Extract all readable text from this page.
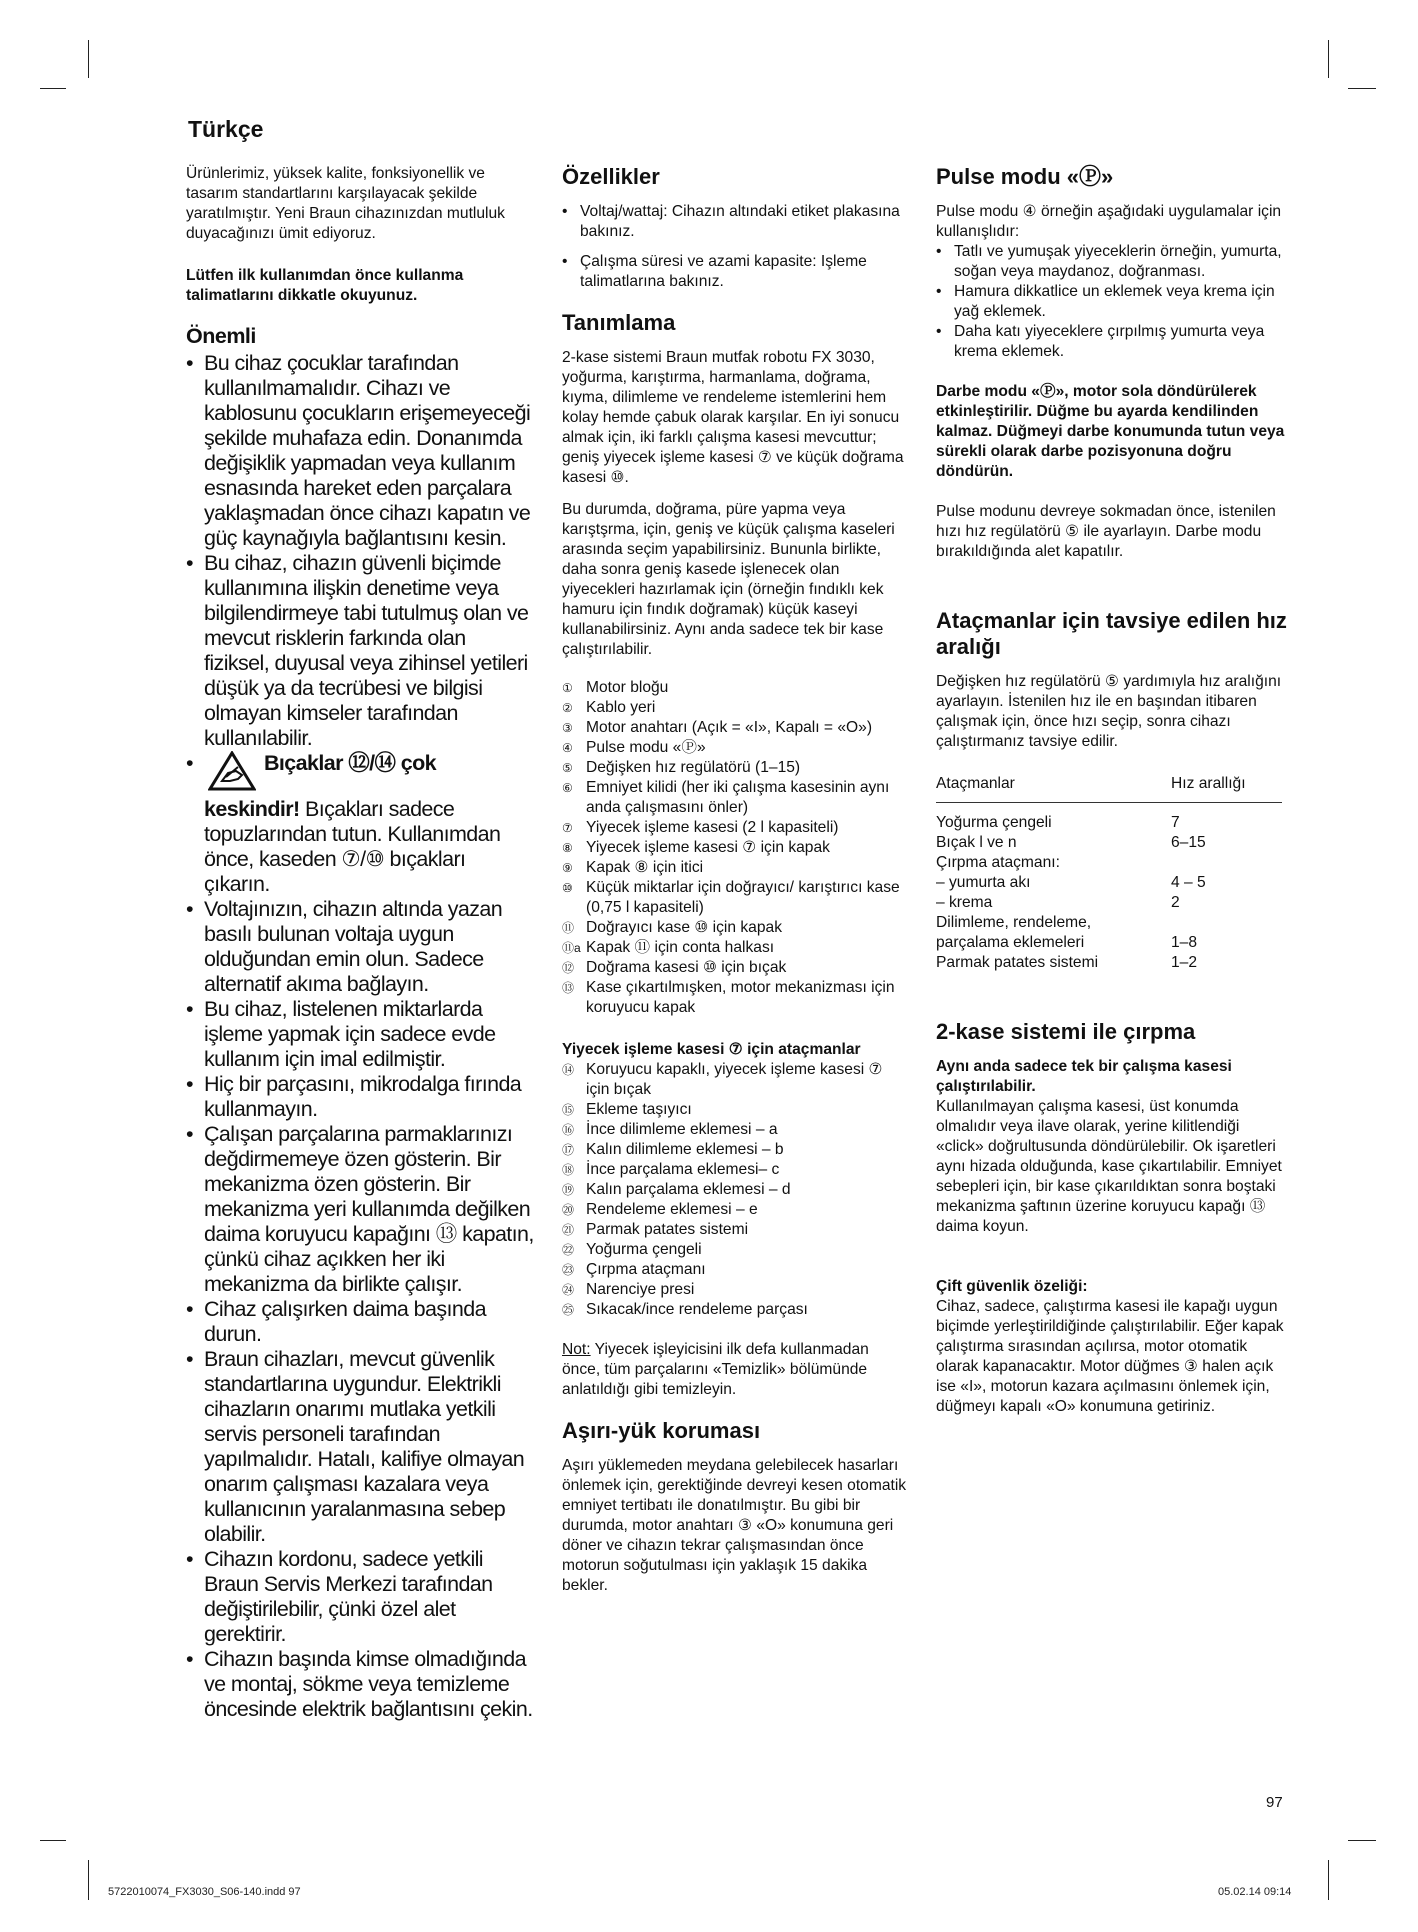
Türkçe

Ürünlerimiz, yüksek kalite, fonksiyonellik ve tasarım standartlarını karşılayacak şekilde yaratılmıştır. Yeni Braun cihazınızdan mutluluk duyacağınızı ümit ediyoruz.

Lütfen ilk kullanımdan önce kullanma talimatlarını dikkatle okuyunuz.

Önemli
• Bu cihaz çocuklar tarafından kullanılmamalıdır. Cihazı ve kablosunu çocukların erişemeyeceği şekilde muhafaza edin. Donanımda değişiklik yapmadan veya kullanım esnasında hareket eden parçalara yaklaşmadan önce cihazı kapatın ve güç kaynağıyla bağlantısını kesin.
• Bu cihaz, cihazın güvenli biçimde kullanımına ilişkin denetime veya bilgilendirmeye tabi tutulmuş olan ve mevcut risklerin farkında olan fiziksel, duyusal veya zihinsel yetileri düşük ya da tecrübesi ve bilgisi olmayan kimseler tarafından kullanılabilir.
• Bıçaklar ⑫/⑭ çok keskindir! Bıçakları sadece topuzlarından tutun. Kullanımdan önce, kaseden ⑦/⑩ bıçakları çıkarın.
• Voltajınızın, cihazın altında yazan basılı bulunan voltaja uygun olduğundan emin olun. Sadece alternatif akıma bağlayın.
• Bu cihaz, listelenen miktarlarda işleme yapmak için sadece evde kullanım için imal edilmiştir.
• Hiç bir parçasını, mikrodalga fırında kullanmayın.
• Çalışan parçalarına parmaklarınızı değdirmemeye özen gösterin. Bir mekanizma özen gösterin. Bir mekanizma yeri kullanımda değilken daima koruyucu kapağını ⑬ kapatın, çünkü cihaz açıkken her iki mekanizma da birlikte çalışır.
• Cihaz çalışırken daima başında durun.
• Braun cihazları, mevcut güvenlik standartlarına uygundur. Elektrikli cihazların onarımı mutlaka yetkili servis personeli tarafından yapılmalıdır. Hatalı, kalifiye olmayan onarım çalışması kazalara veya kullanıcının yaralanmasına sebep olabilir.
• Cihazın kordonu, sadece yetkili Braun Servis Merkezi tarafından değiştirilebilir, çünki özel alet gerektirir.
• Cihazın başında kimse olmadığında ve montaj, sökme veya temizleme öncesinde elektrik bağlantısını çekin.
Özellikler
• Voltaj/wattaj: Cihazın altındaki etiket plakasına bakınız.
• Çalışma süresi ve azami kapasite: Işleme talimatlarına bakınız.
Tanımlama

2-kase sistemi Braun mutfak robotu FX 3030, yoğurma, karıştırma, harmanlama, doğrama, kıyma, dilimleme ve rendeleme istemlerini hem kolay hemde çabuk olarak karşılar. En iyi sonucu almak için, iki farklı çalışma kasesi mevcuttur; geniş yiyecek işleme kasesi ⑦ ve küçük doğrama kasesi ⑩.

Bu durumda, doğrama, püre yapma veya karıştşrma, için, geniş ve küçük çalışma kaseleri arasında seçim yapabilirsiniz. Bununla birlikte, daha sonra geniş kasede işlenecek olan yiyecekleri hazırlamak için (örneğin fındıklı kek hamuru için fındık doğramak) küçük kaseyi kullanabilirsiniz. Aynı anda sadece tek bir kase çalıştırılabilir.

① Motor bloğu
② Kablo yeri
③ Motor anahtarı (Açık = «I», Kapalı = «O»)
④ Pulse modu «Ⓟ»
⑤ Değişken hız regülatörü (1–15)
⑥ Emniyet kilidi (her iki çalışma kasesinin aynı anda çalışmasını önler)
⑦ Yiyecek işleme kasesi (2 l kapasiteli)
⑧ Yiyecek işleme kasesi ⑦ için kapak
⑨ Kapak ⑧ için itici
⑩ Küçük miktarlar için doğrayıcı/ karıştırıcı kase (0,75 l kapasiteli)
⑪ Doğrayıcı kase ⑩ için kapak
⑪a Kapak ⑪ için conta halkası
⑫ Doğrama kasesi ⑩ için bıçak
⑬ Kase çıkartılmışken, motor mekanizması için koruyucu kapak

Yiyecek işleme kasesi ⑦ için ataçmanlar

⑭ Koruyucu kapaklı, yiyecek işleme kasesi ⑦ için bıçak
⑮ Ekleme taşıyıcı
⑯ İnce dilimleme eklemesi – a
⑰ Kalın dilimleme eklemesi – b
⑱ İnce parçalama eklemesi– c
⑲ Kalın parçalama eklemesi – d
⑳ Rendeleme eklemesi – e
㉑ Parmak patates sistemi
㉒ Yoğurma çengeli
㉓ Çırpma ataçmanı
㉔ Narenciye presi
㉕ Sıkacak/ince rendeleme parçası

Not: Yiyecek işleyicisini ilk defa kullanmadan önce, tüm parçalarını «Temizlik» bölümünde anlatıldığı gibi temizleyin.

Aşırı-yük koruması

Aşırı yüklemeden meydana gelebilecek hasarları önlemek için, gerektiğinde devreyi kesen otomatik emniyet tertibatı ile donatılmıştır. Bu gibi bir durumda, motor anahtarı ③ «O» konumuna geri döner ve cihazın tekrar çalışmasından önce motorun soğutulması için yaklaşık 15 dakika bekler.

Pulse modu «Ⓟ»

Pulse modu ④ örneğin aşağıdaki uygulamalar için kullanışlıdır:

• Tatlı ve yumuşak yiyeceklerin örneğin, yumurta, soğan veya maydanoz, doğranması.
• Hamura dikkatlice un eklemek veya krema için yağ eklemek.
• Daha katı yiyeceklere çırpılmış yumurta veya krema eklemek.

Darbe modu «Ⓟ», motor sola döndürülerek etkinleştirilir. Düğme bu ayarda kendilinden kalmaz. Düğmeyi darbe konumunda tutun veya sürekli olarak darbe pozisyonuna doğru döndürün.

Pulse modunu devreye sokmadan önce, istenilen hızı hız regülatörü ⑤ ile ayarlayın. Darbe modu bırakıldığında alet kapatılır.

Ataçmanlar için tavsiye edilen hız aralığı

Değişken hız regülatörü ⑤ yardımıyla hız aralığını ayarlayın. İstenilen hız ile en başından itibaren çalışmak için, önce hızı seçip, sonra cihazı çalıştırmanız tavsiye edilir.

Ataçmanlar	Hız arallığı

Yoğurma çengeli	7
Bıçak l ve n	6–15
Çırpma ataçmanı:	
– yumurta akı	4 – 5
– krema	2
Dilimleme, rendeleme,	
parçalama eklemeleri	1–8
Parmak patates sistemi	1–2
2-kase sistemi ile çırpma

Aynı anda sadece tek bir çalışma kasesi çalıştırılabilir.

Kullanılmayan çalışma kasesi, üst konumda olmalıdır veya ilave olarak, yerine kilitlendiği «click» doğrultusunda döndürülebilir. Ok işaretleri aynı hizada olduğunda, kase çıkartılabilir. Emniyet sebepleri için, bir kase çıkarıldıktan sonra boştaki mekanizma şaftının üzerine koruyucu kapağı ⑬ daima koyun.

Çift güvenlik özeliği:

Cihaz, sadece, çalıştırma kasesi ile kapağı uygun biçimde yerleştirildiğinde çalıştırılabilir. Eğer kapak çalıştırma sırasından açılırsa, motor otomatik olarak kapanacaktır. Motor düğmes ③ halen açık ise «I», motorun kazara açılmasını önlemek için, düğmeyı kapalı «O» konumuna getiriniz.

97
5722010074_FX3030_S06-140.indd 97	05.02.14 09:14
